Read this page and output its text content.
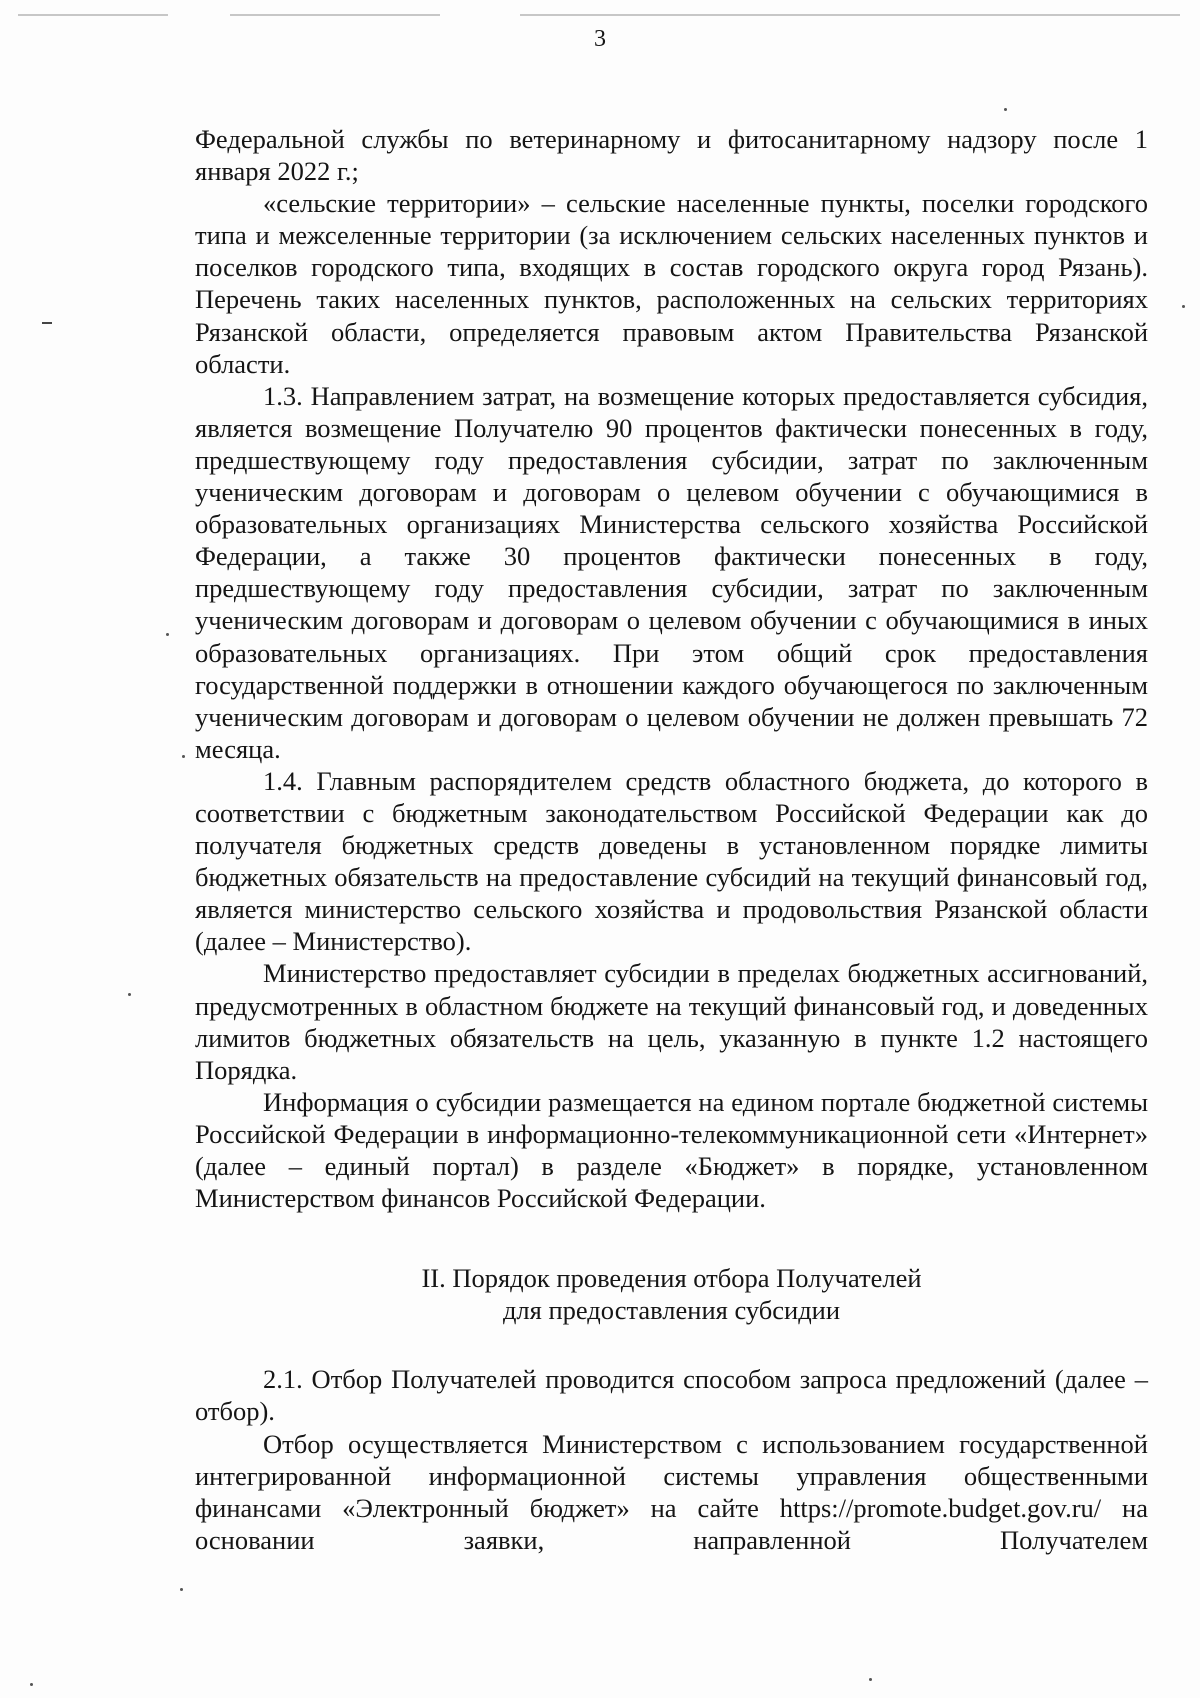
3

Федеральной службы по ветеринарному и фитосанитарному надзору после 1 января 2022 г.;

«сельские территории» – сельские населенные пункты, поселки городского типа и межселенные территории (за исключением сельских населенных пунктов и поселков городского типа, входящих в состав городского округа город Рязань). Перечень таких населенных пунктов, расположенных на сельских территориях Рязанской области, определяется правовым актом Правительства Рязанской области.

1.3. Направлением затрат, на возмещение которых предоставляется субсидия, является возмещение Получателю 90 процентов фактически понесенных в году, предшествующему году предоставления субсидии, затрат по заключенным ученическим договорам и договорам о целевом обучении с обучающимися в образовательных организациях Министерства сельского хозяйства Российской Федерации, а также 30 процентов фактически понесенных в году, предшествующему году предоставления субсидии, затрат по заключенным ученическим договорам и договорам о целевом обучении с обучающимися в иных образовательных организациях. При этом общий срок предоставления государственной поддержки в отношении каждого обучающегося по заключенным ученическим договорам и договорам о целевом обучении не должен превышать 72 месяца.

1.4. Главным распорядителем средств областного бюджета, до которого в соответствии с бюджетным законодательством Российской Федерации как до получателя бюджетных средств доведены в установленном порядке лимиты бюджетных обязательств на предоставление субсидий на текущий финансовый год, является министерство сельского хозяйства и продовольствия Рязанской области (далее – Министерство).

Министерство предоставляет субсидии в пределах бюджетных ассигнований, предусмотренных в областном бюджете на текущий финансовый год, и доведенных лимитов бюджетных обязательств на цель, указанную в пункте 1.2 настоящего Порядка.

Информация о субсидии размещается на едином портале бюджетной системы Российской Федерации в информационно-телекоммуникационной сети «Интернет» (далее – единый портал) в разделе «Бюджет» в порядке, установленном Министерством финансов Российской Федерации.

II. Порядок проведения отбора Получателей
для предоставления субсидии

2.1. Отбор Получателей проводится способом запроса предложений (далее – отбор).

Отбор осуществляется Министерством с использованием государственной интегрированной информационной системы управления общественными финансами «Электронный бюджет» на сайте https://promote.budget.gov.ru/ на основании заявки, направленной Получателем
